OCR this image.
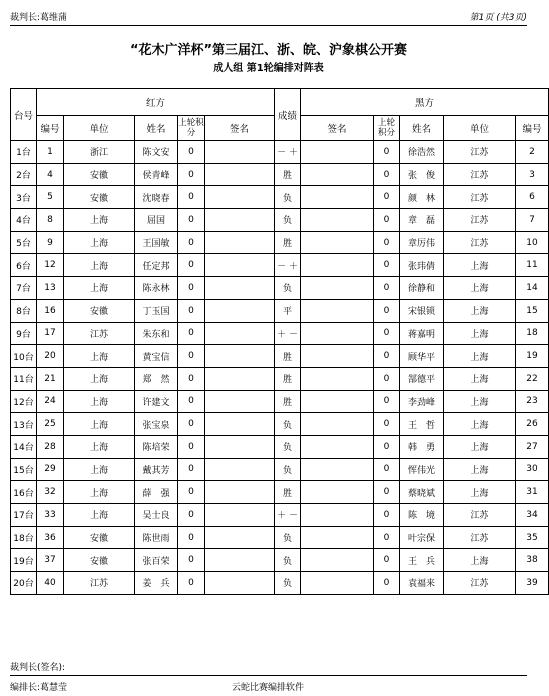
裁判长:葛维蒲	第1页 (共3页)
“花木广洋杯”第三届江、浙、皖、沪象棋公开赛
成人组 第1轮编排对阵表
台号	红方					成绩	黑方				
	编号	单位	姓名	上轮积分	签名		签名	上轮积分	姓名	单位	编号
1台	1	浙江	陈文安	0		－ ＋		0	徐浩然	江苏	2
2台	4	安徽	侯青峰	0		胜		0	张　俊	江苏	3
3台	5	安徽	沈晓春	0		负		0	颜　林	江苏	6
4台	8	上海	屈国	0		负		0	章　磊	江苏	7
5台	9	上海	王国敏	0		胜		0	章厉伟	江苏	10
6台	12	上海	任定邦	0		－ ＋		0	张玮倩	上海	11
7台	13	上海	陈永林	0		负		0	徐静和	上海	14
8台	16	安徽	丁玉国	0		平		0	宋银锁	上海	15
9台	17	江苏	朱东和	0		＋ －		0	蒋嘉明	上海	18
10台	20	上海	黄宝信	0		胜		0	顾华平	上海	19
11台	21	上海	郑　然	0		胜		0	郜德平	上海	22
12台	24	上海	许建文	0		胜		0	李劲峰	上海	23
13台	25	上海	张宝泉	0		负		0	王　哲	上海	26
14台	28	上海	陈培荣	0		负		0	韩　勇	上海	27
15台	29	上海	戴其芳	0		负		0	恽伟光	上海	30
16台	32	上海	薛　强	0		胜		0	蔡晓斌	上海	31
17台	33	上海	吴士良	0		＋ －		0	陈　境	江苏	34
18台	36	安徽	陈世雨	0		负		0	叶宗保	江苏	35
19台	37	安徽	张百荣	0		负		0	王　兵	上海	38
20台	40	江苏	姜　兵	0		负		0	袁福来	江苏	39
裁判长(签名):
编排长:葛慧莹	云蛇比赛编排软件
